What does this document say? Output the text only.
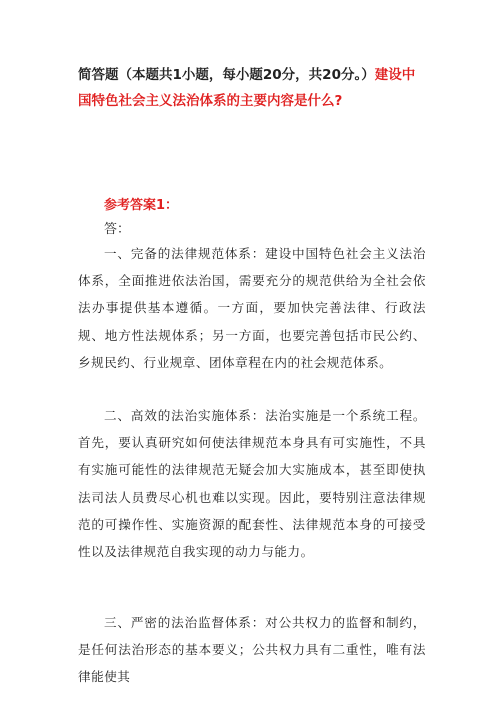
简答题（本题共1小题，每小题20分，共20分。）建设中国特色社会主义法治体系的主要内容是什么?
参考答案1：
答：

一、完备的法律规范体系：建设中国特色社会主义法治体系，全面推进依法治国，需要充分的规范供给为全社会依法办事提供基本遵循。一方面，要加快完善法律、行政法规、地方性法规体系；另一方面，也要完善包括市民公约、乡规民约、行业规章、团体章程在内的社会规范体系。

二、高效的法治实施体系：法治实施是一个系统工程。首先，要认真研究如何使法律规范本身具有可实施性，不具有实施可能性的法律规范无疑会加大实施成本，甚至即使执法司法人员费尽心机也难以实现。因此，要特别注意法律规范的可操作性、实施资源的配套性、法律规范本身的可接受性以及法律规范自我实现的动力与能力。

三、严密的法治监督体系：对公共权力的监督和制约，是任何法治形态的基本要义；公共权力具有二重性，唯有法律能使其
